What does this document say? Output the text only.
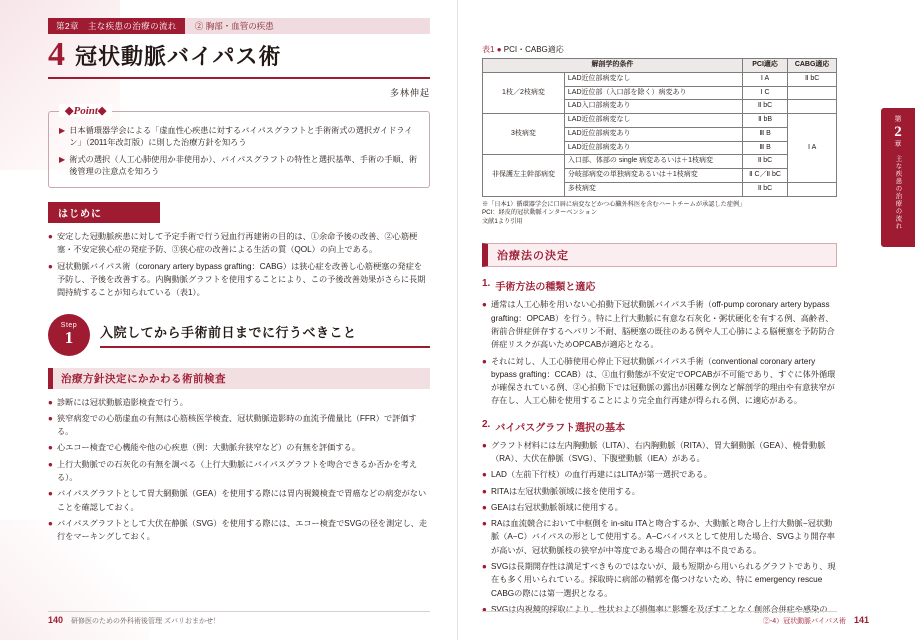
第2章　主な疾患の治療の流れ	② 胸部・血管の疾患
4 冠状動脈バイパス術
多林伸起
◆Point◆
▶ 日本循環器学会による「虚血性心疾患に対するバイパスグラフトと手術術式の選択ガイドライン」（2011年改訂版）に則した治療方針を知ろう
▶ 術式の選択（人工心肺使用か非使用か）、バイパスグラフトの特性と選択基準、手術の手順、術後管理の注意点を知ろう
はじめに
● 安定した冠動脈疾患に対して予定手術で行う冠血行再建術の目的は、①余命予後の改善、②心筋梗塞・不安定狭心症の発症予防、③狭心症の改善による生活の質（QOL）の向上である。
● 冠状動脈バイパス術（coronary artery bypass grafting：CABG）は狭心症を改善し心筋梗塞の発症を予防し、予後を改善する。内胸動脈グラフトを使用することにより、この予後改善効果がさらに長期間持続することが知られている（表1）。
Step
1 入院してから手術前日までに行うべきこと
治療方針決定にかかわる術前検査
● 診断には冠状動脈造影検査で行う。
● 狭窄病変での心筋虚血の有無は心筋核医学検査、冠状動脈造影時の血流予備量比（FFR）で評価する。
● 心エコー検査で心機能や他の心疾患（例：大動脈弁狭窄など）の有無を評価する。
● 上行大動脈での石灰化の有無を調べる（上行大動脈にバイパスグラフトを吻合できるか否かを考える）。
● バイパスグラフトとして胃大網動脈（GEA）を使用する際には胃内視鏡検査で胃癌などの病変がないことを確認しておく。
● バイパスグラフトとして大伏在静脈（SVG）を使用する際には、エコー検査でSVGの径を測定し、走行をマーキングしておく。
140 研修医のための外科術後管理 ズバリおまかせ！
第
2
章
主な疾患の治療の流れ
表1 ● PCI・CABG適応
解剖学的条件		PCI適応	CABG適応
1枝／2枝病変	LAD近位部病変なし	Ⅰ A	Ⅱ bC
	LAD近位部（入口部を除く）病変あり	Ⅰ C	
	LAD入口部病変あり	Ⅱ bC	
3枝病変	LAD近位部病変なし	Ⅱ bB	Ⅰ A
	LAD近位部病変あり	Ⅲ B	
	LAD近位部病変あり	Ⅲ B	
非保護左主幹部病変	入口部、体部の single 病変あるいは＋1枝病変	Ⅱ bC	
	分岐部病変の単独病変あるいは＋1枝病変	Ⅱ C／Ⅱ bC	
	多枝病変	Ⅱ bC	
※「日本1）循環器学会に口唇に病変などかつ心臓外科医を含むハートチームが承認した症例」
PCI：経皮的冠状動脈インターベンション
文献1より引用
治療法の決定
1. 手術方法の種類と適応
● 通常は人工心肺を用いない心拍動下冠状動脈バイパス手術（off-pump coronary artery bypass grafting：OPCAB）を行う。特に上行大動脈に有意な石灰化・粥状硬化を有する例、高齢者、術前合併症併存するヘパリン不耐、脳梗塞の既往のある例や人工心肺による脳梗塞を予防防合併症リスクが高いためOPCABが適応となる。
● それに対し、人工心肺使用心停止下冠状動脈バイパス手術（conventional coronary artery bypass grafting：CCAB）は、①血行動態が不安定でOPCABが不可能であり、すぐに体外循環が確保されている例、②心拍動下では冠動脈の露出が困難な例など解剖学的理由や有意狭窄が存在し、人工心肺を使用することにより完全血行再建が得られる例、に適応がある。
2. バイパスグラフト選択の基本
● グラフト材料には左内胸動脈（LITA）、右内胸動脈（RITA）、胃大網動脈（GEA）、橈骨動脈（RA）、大伏在静脈（SVG）、下腹壁動脈（IEA）がある。
● LAD（左前下行枝）の血行再建にはLITAが第一選択である。
● RITAは左冠状動脈領域に接を使用する。
● GEAは右冠状動脈領域に使用する。
● RAは血流競合において中枢側を in-situ ITAと吻合するか、大動脈と吻合し上行大動脈−冠状動脈（A−C）バイパスの形として使用する。A−Cバイパスとして使用した場合、SVGより開存率が高いが、冠状動脈枝の狭窄が中等度である場合の開存率は不良である。
● SVGは長期開存性は満足すべきものではないが、最も短期から用いられるグラフトであり、現在も多く用いられている。採取時に病部の鞘郭を傷つけないため、特に emergency rescue CABGの際には第一選択となる。
● SVGは内視鏡的採取により、性状および損傷率に影響を及ぼすことなく創部合併症や感染の
②-4）冠状動脈バイパス術 141
